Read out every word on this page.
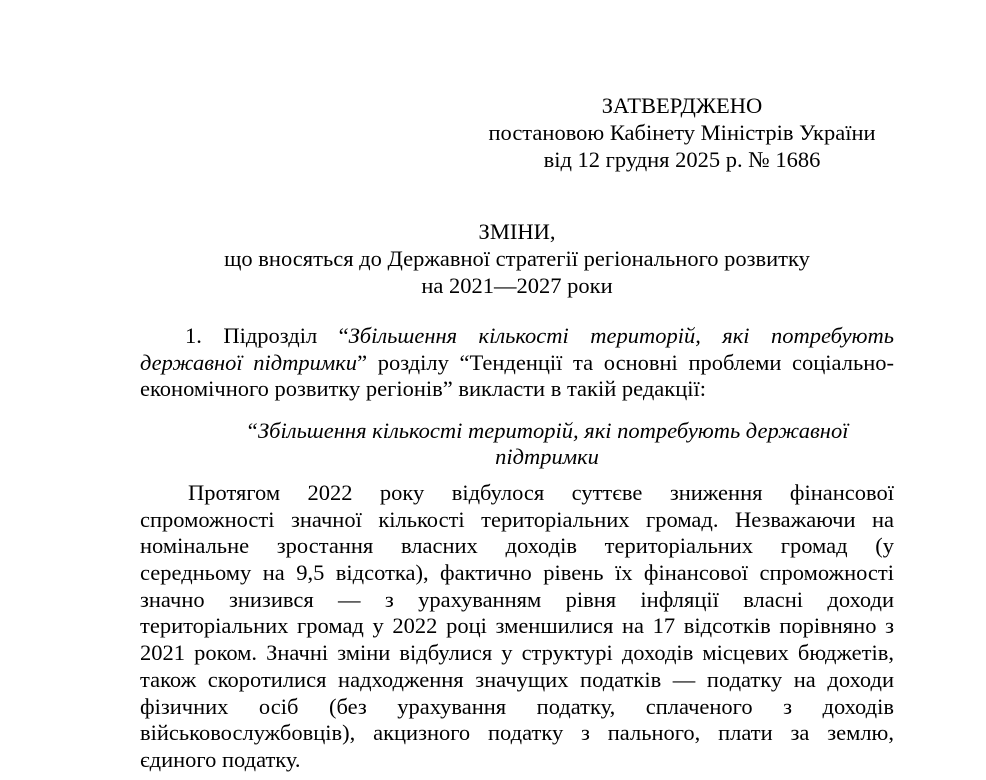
ЗАТВЕРДЖЕНО
постановою Кабінету Міністрів України
від 12 грудня 2025 р. № 1686
ЗМІНИ,
що вносяться до Державної стратегії регіонального розвитку
на 2021—2027 роки
1. Підрозділ “Збільшення кількості територій, які потребують
державної підтримки” розділу “Тенденції та основні проблеми соціально-
економічного розвитку регіонів” викласти в такій редакції:
“Збільшення кількості територій, які потребують державної
підтримки
Протягом 2022 року відбулося суттєве зниження фінансової
спроможності значної кількості територіальних громад. Незважаючи на
номінальне зростання власних доходів територіальних громад (у
середньому на 9,5 відсотка), фактично рівень їх фінансової спроможності
значно знизився — з урахуванням рівня інфляції власні доходи
територіальних громад у 2022 році зменшилися на 17 відсотків порівняно з
2021 роком. Значні зміни відбулися у структурі доходів місцевих бюджетів,
також скоротилися надходження значущих податків — податку на доходи
фізичних осіб (без урахування податку, сплаченого з доходів
військовослужбовців), акцизного податку з пального, плати за землю,
єдиного податку.
